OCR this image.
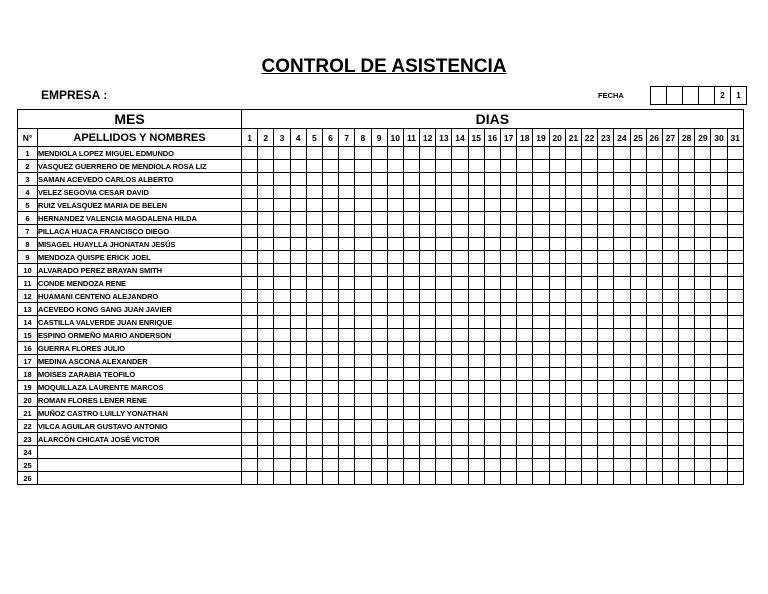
CONTROL DE ASISTENCIA
EMPRESA :	FECHA
					2	1
MES		DIAS																														
N°	APELLIDOS Y NOMBRES	1	2	3	4	5	6	7	8	9	10	11	12	13	14	15	16	17	18	19	20	21	22	23	24	25	26	27	28	29	30	31
1	MENDIOLA LOPEZ MIGUEL EDMUNDO																															
2	VASQUEZ GUERRERO DE MENDIOLA ROSA LIZ																															
3	SAMAN ACEVEDO CARLOS ALBERTO																															
4	VELEZ SEGOVIA CESAR DAVID																															
5	RUIZ VELASQUEZ MARIA DE BELEN																															
6	HERNANDEZ VALENCIA MAGDALENA HILDA																															
7	PILLACA HUACA FRANCISCO DIEGO																															
8	MISAGEL HUAYLLA JHONATAN JESÚS																															
9	MENDOZA QUISPE ERICK JOEL																															
10	ALVARADO PEREZ BRAYAN SMITH																															
11	CONDE MENDOZA RENE																															
12	HUAMANI CENTENO ALEJANDRO																															
13	ACEVEDO KONG SANG JUAN JAVIER																															
14	CASTILLA VALVERDE JUAN ENRIQUE																															
15	ESPINO ORMEÑO MARIO ANDERSON																															
16	GUERRA FLORES JULIO																															
17	MEDINA ASCONA ALEXANDER																															
18	MOISES ZARABIA TEOFILO																															
19	MOQUILLAZA LAURENTE MARCOS																															
20	ROMAN FLORES LENER RENE																															
21	MUÑOZ CASTRO LUILLY YONATHAN																															
22	VILCA AGUILAR GUSTAVO ANTONIO																															
23	ALARCÓN CHICATA JOSÉ VICTOR																															
24																																
25																																
26																																
